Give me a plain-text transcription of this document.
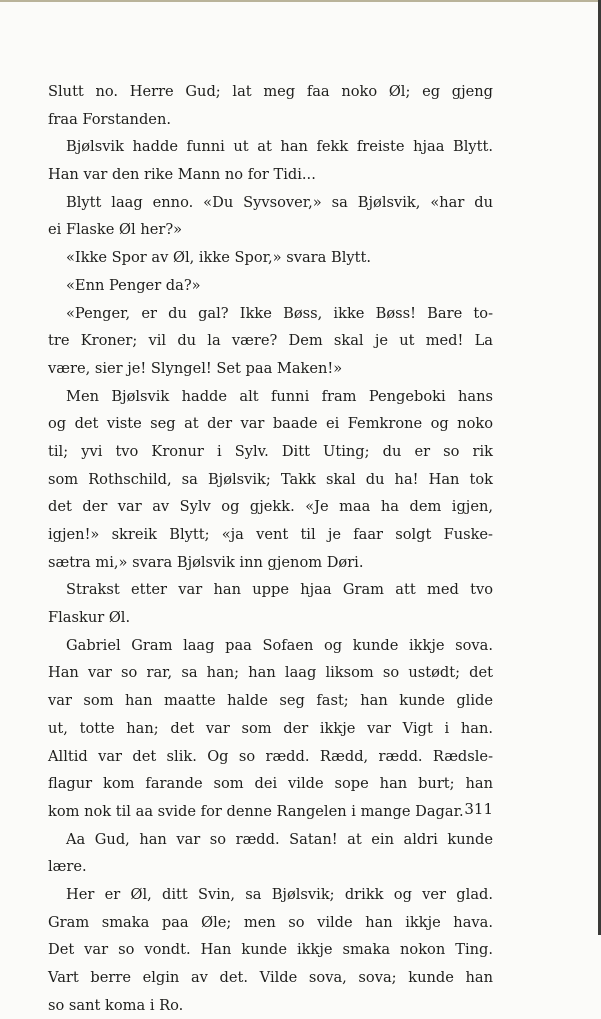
Slutt no. Herre Gud; lat meg faa noko Øl; eg gjeng
fraa Forstanden.
Bjølsvik hadde funni ut at han fekk freiste hjaa Blytt.
Han var den rike Mann no for Tidi...
Blytt laag enno. «Du Syvsover,» sa Bjølsvik, «har du
ei Flaske Øl her?»
«Ikke Spor av Øl, ikke Spor,» svara Blytt.
«Enn Penger da?»
«Penger, er du gal? Ikke Bøss, ikke Bøss! Bare to-
tre Kroner; vil du la være? Dem skal je ut med! La
være, sier je! Slyngel! Set paa Maken!»
Men Bjølsvik hadde alt funni fram Pengeboki hans
og det viste seg at der var baade ei Femkrone og noko
til; yvi tvo Kronur i Sylv. Ditt Uting; du er so rik
som Rothschild, sa Bjølsvik; Takk skal du ha! Han tok
det der var av Sylv og gjekk. «Je maa ha dem igjen,
igjen!» skreik Blytt; «ja vent til je faar solgt Fuske-
sætra mi,» svara Bjølsvik inn gjenom Døri.
Strakst etter var han uppe hjaa Gram att med tvo
Flaskur Øl.
Gabriel Gram laag paa Sofaen og kunde ikkje sova.
Han var so rar, sa han; han laag liksom so ustødt; det
var som han maatte halde seg fast; han kunde glide
ut, totte han; det var som der ikkje var Vigt i han.
Alltid var det slik. Og so rædd. Rædd, rædd. Rædsle-
flagur kom farande som dei vilde sope han burt; han
kom nok til aa svide for denne Rangelen i mange Dagar.
Aa Gud, han var so rædd. Satan! at ein aldri kunde
lære.
Her er Øl, ditt Svin, sa Bjølsvik; drikk og ver glad.
Gram smaka paa Øle; men so vilde han ikkje hava.
Det var so vondt. Han kunde ikkje smaka nokon Ting.
Vart berre elgin av det. Vilde sova, sova; kunde han
so sant koma i Ro.
311
